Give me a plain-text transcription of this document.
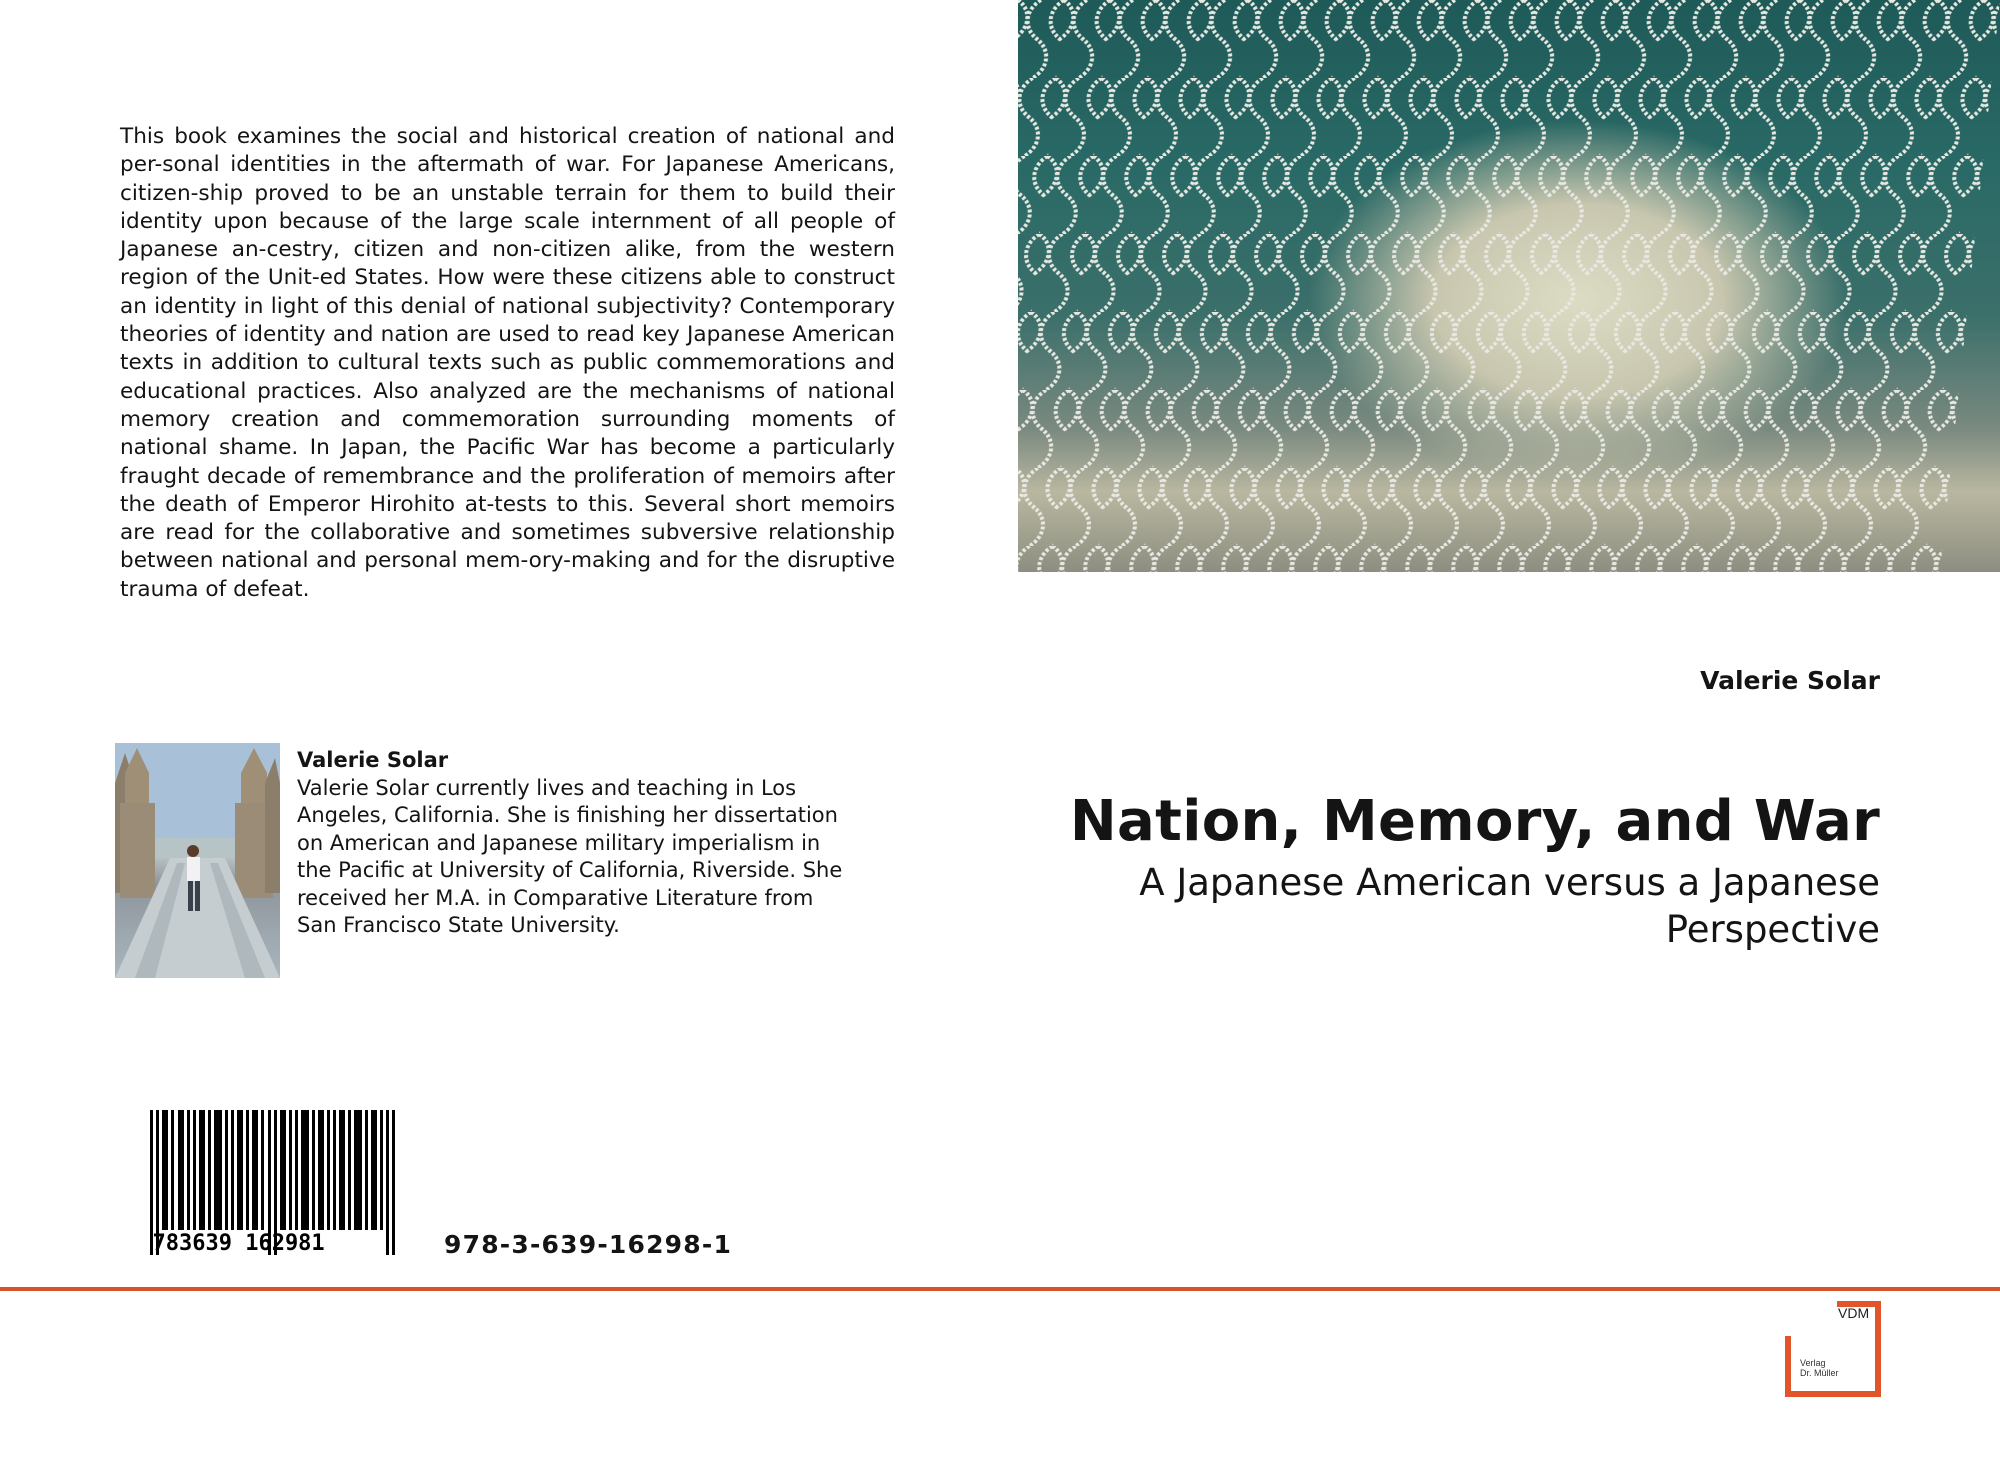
This book examines the social and historical creation of national and per-sonal identities in the aftermath of war. For Japanese Americans, citizen-ship proved to be an unstable terrain for them to build their identity upon because of the large scale internment of all people of Japanese an-cestry, citizen and non-citizen alike, from the western region of the Unit-ed States. How were these citizens able to construct an identity in light of this denial of national subjectivity? Contemporary theories of identity and nation are used to read key Japanese American texts in addition to cultural texts such as public commemorations and educational practices. Also analyzed are the mechanisms of national memory creation and commemoration surrounding moments of national shame. In Japan, the Pacific War has become a particularly fraught decade of remembrance and the proliferation of memoirs after the death of Emperor Hirohito at-tests to this. Several short memoirs are read for the collaborative and sometimes subversive relationship between national and personal mem-ory-making and for the disruptive trauma of defeat.
Valerie Solar
Valerie Solar
Valerie Solar currently lives and teaching in Los Angeles, California. She is finishing her dissertation on American and Japanese military imperialism in the Pacific at University of California, Riverside. She received her M.A. in Comparative Literature from San Francisco State University.
Nation, Memory, and War
A Japanese American versus a Japanese Perspective
9 783639 162981	978-3-639-16298-1
VDM
Verlag
Dr. Müller
